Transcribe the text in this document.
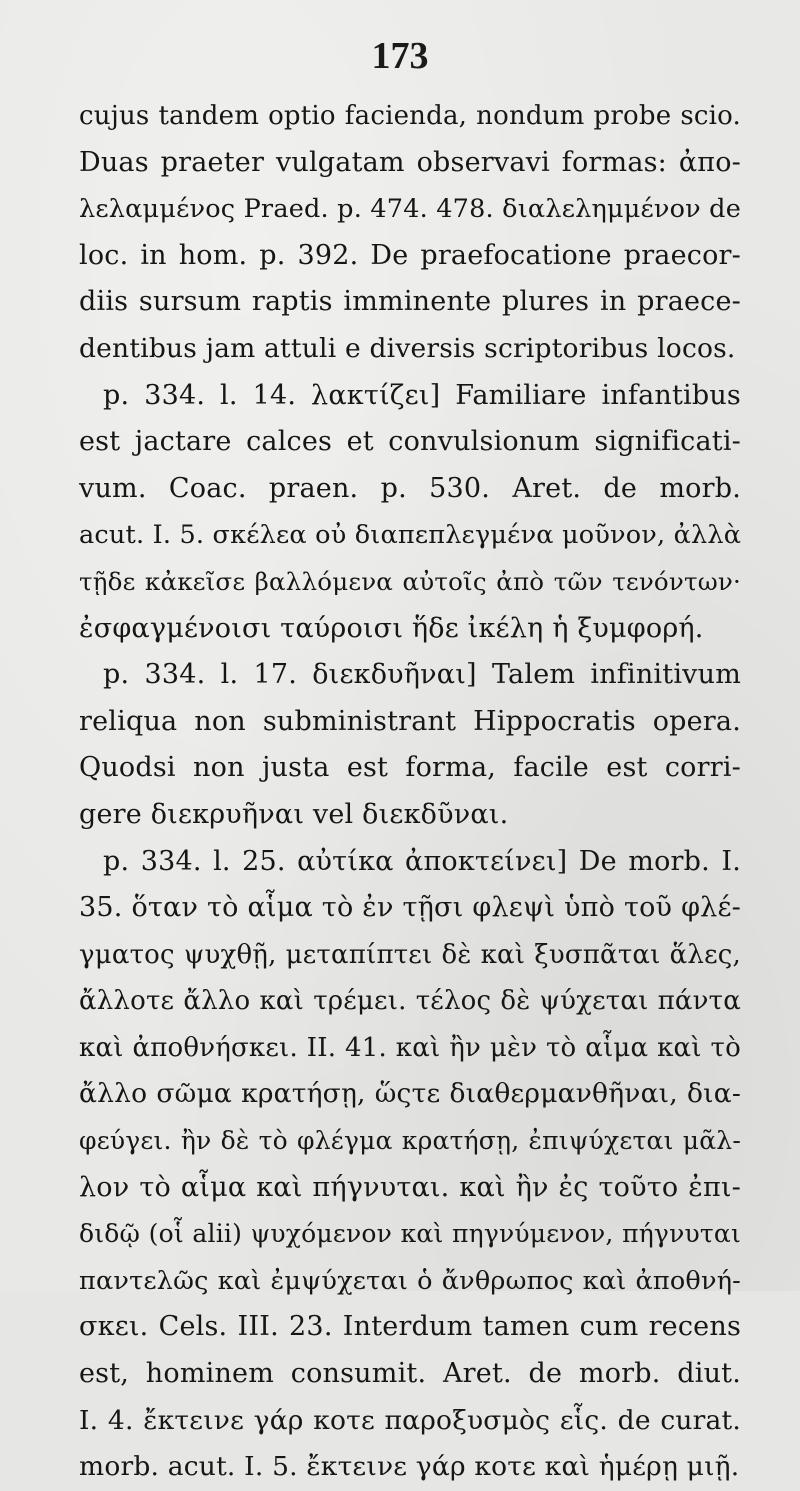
173
cujus tandem optio facienda, nondum probe scio.
Duas praeter vulgatam observavi formas: ἀπο-
λελαμμένος Praed. p. 474. 478. διαλελημμένον de
loc. in hom. p. 392. De praefocatione praecor-
diis sursum raptis imminente plures in praece-
dentibus jam attuli e diversis scriptoribus locos.
p. 334. l. 14. λακτίζει] Familiare infantibus
est jactare calces et convulsionum significati-
vum. Coac. praen. p. 530. Aret. de morb.
acut. I. 5. σκέλεα οὐ διαπεπλεγμένα μοῦνον, ἀλλὰ
τῇδε κἀκεῖσε βαλλόμενα αὐτοῖς ἀπὸ τῶν τενόντων·
ἐσφαγμένοισι ταύροισι ἥδε ἰκέλη ἡ ξυμφορή.
p. 334. l. 17. διεκδυῆναι] Talem infinitivum
reliqua non subministrant Hippocratis opera.
Quodsi non justa est forma, facile est corri-
gere διεκρυῆναι vel διεκδῦναι.
p. 334. l. 25. αὐτίκα ἀποκτείνει] De morb. I.
35. ὅταν τὸ αἷμα τὸ ἐν τῇσι φλεψὶ ὑπὸ τοῦ φλέ-
γματος ψυχθῇ, μεταπίπτει δὲ καὶ ξυσπᾶται ἅλες,
ἄλλοτε ἄλλο καὶ τρέμει. τέλος δὲ ψύχεται πάντα
καὶ ἀποθνήσκει. II. 41. καὶ ἢν μὲν τὸ αἷμα καὶ τὸ
ἄλλο σῶμα κρατήσῃ, ὥςτε διαθερμανθῆναι, δια-
φεύγει. ἢν δὲ τὸ φλέγμα κρατήσῃ, ἐπιψύχεται μᾶλ-
λον τὸ αἷμα καὶ πήγνυται. καὶ ἢν ἐς τοῦτο ἐπι-
διδῷ (οἷ alii) ψυχόμενον καὶ πηγνύμενον, πήγνυται
παντελῶς καὶ ἐμψύχεται ὁ ἄνθρωπος καὶ ἀποθνή-
σκει. Cels. III. 23. Interdum tamen cum recens
est, hominem consumit. Aret. de morb. diut.
I. 4. ἔκτεινε γάρ κοτε παροξυσμὸς εἷς. de curat.
morb. acut. I. 5. ἔκτεινε γάρ κοτε καὶ ἡμέρῃ μιῇ.
